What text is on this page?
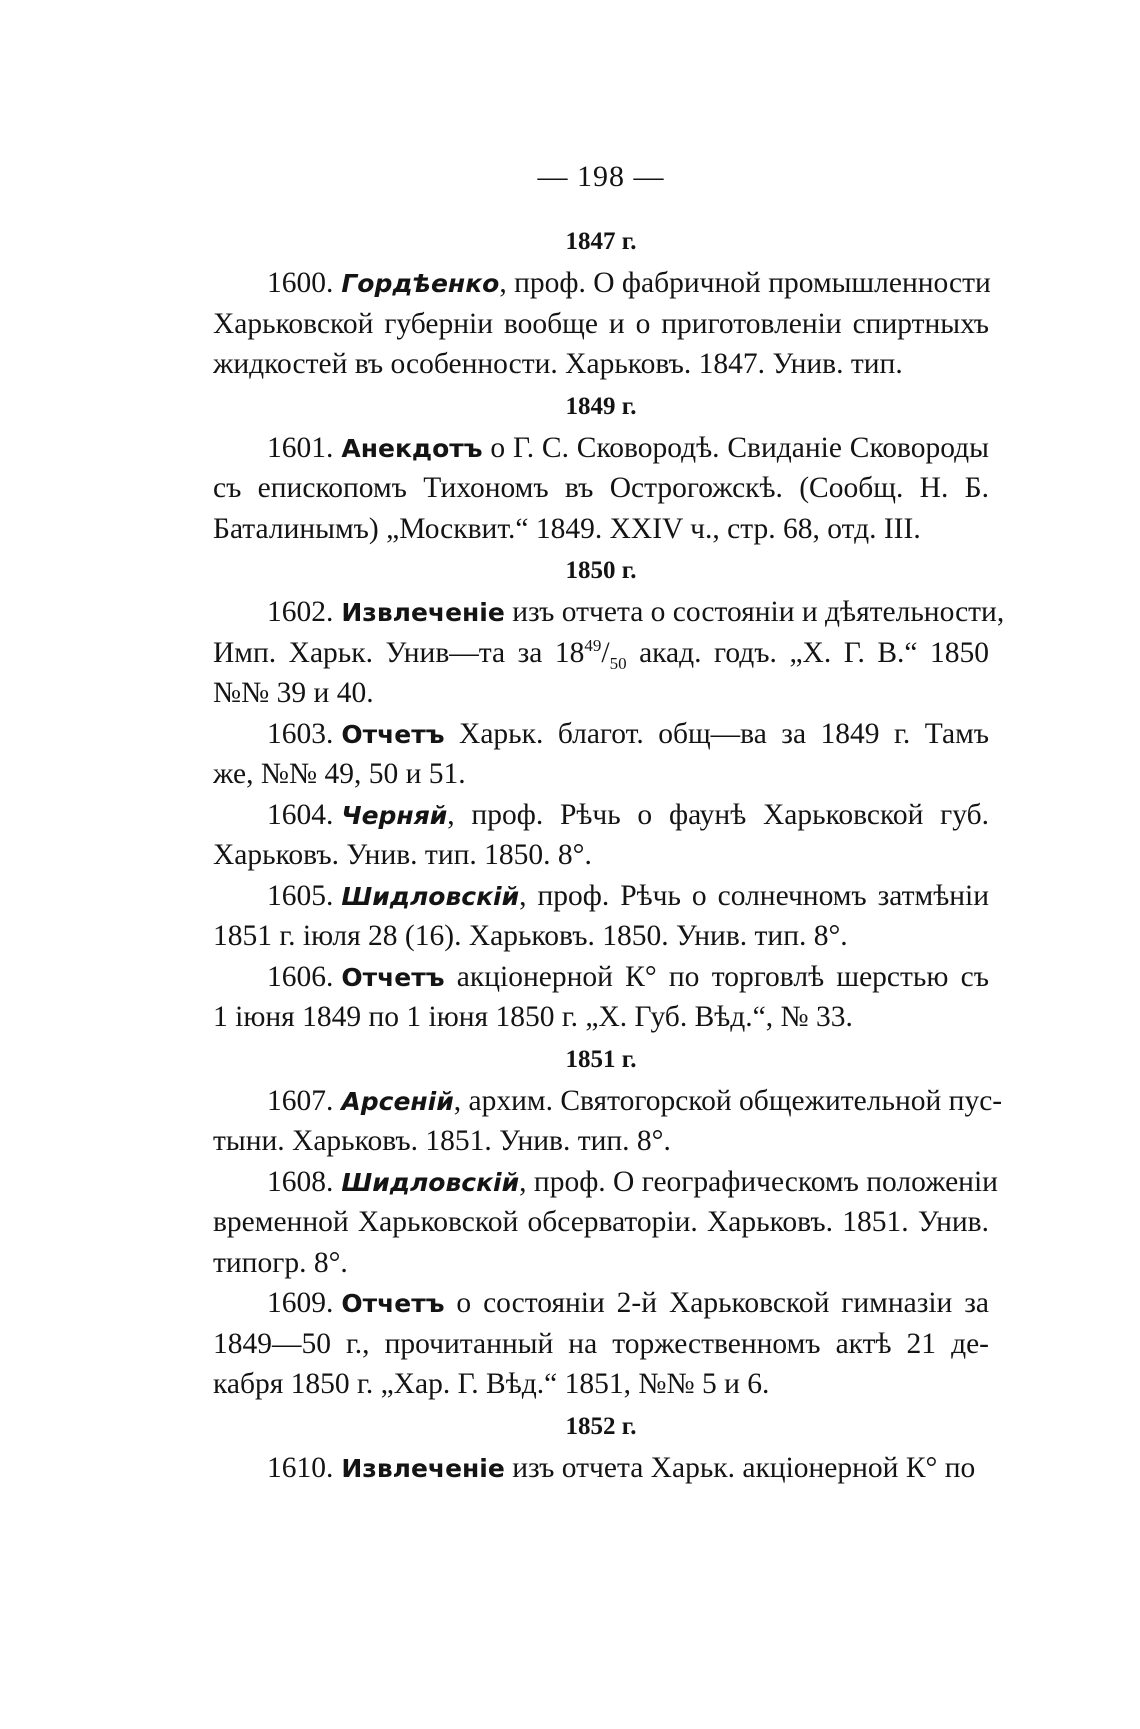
— 198 —
1847 г.
1600. Гордѣенко, проф. О фабричной промышленности
Харьковской губерніи вообще и о приготовленіи спиртныхъ
жидкостей въ особенности. Харьковъ. 1847. Унив. тип.
1849 г.
1601. Анекдотъ о Г. С. Сковородѣ. Свиданіе Сковороды
съ епископомъ Тихономъ въ Острогожскѣ. (Сообщ. Н. Б.
Баталинымъ) „Москвит.“ 1849. XXIV ч., стр. 68, отд. III.
1850 г.
1602. Извлеченіе изъ отчета о состояніи и дѣятельности,
Имп. Харьк. Унив—та за $18^{49}/_{50}$ акад. годъ. „Х. Г. В.“ 1850
№№ 39 и 40.
1603. Отчетъ Харьк. благот. общ—ва за 1849 г. Тамъ
же, №№ 49, 50 и 51.
1604. Черняй, проф. Рѣчь о фаунѣ Харьковской губ.
Харьковъ. Унив. тип. 1850. 8°.
1605. Шидловскій, проф. Рѣчь о солнечномъ затмѣніи
1851 г. іюля 28 (16). Харьковъ. 1850. Унив. тип. 8°.
1606. Отчетъ акціонерной К° по торговлѣ шерстью съ
1 іюня 1849 по 1 іюня 1850 г. „Х. Губ. Вѣд.“, № 33.
1851 г.
1607. Арсеній, архим. Святогорской общежительной пус-
тыни. Харьковъ. 1851. Унив. тип. 8°.
1608. Шидловскій, проф. О географическомъ положеніи
временной Харьковской обсерваторіи. Харьковъ. 1851. Унив.
типогр. 8°.
1609. Отчетъ о состояніи 2-й Харьковской гимназіи за
1849—50 г., прочитанный на торжественномъ актѣ 21 де-
кабря 1850 г. „Хар. Г. Вѣд.“ 1851, №№ 5 и 6.
1852 г.
1610. Извлеченіе изъ отчета Харьк. акціонерной К° по
